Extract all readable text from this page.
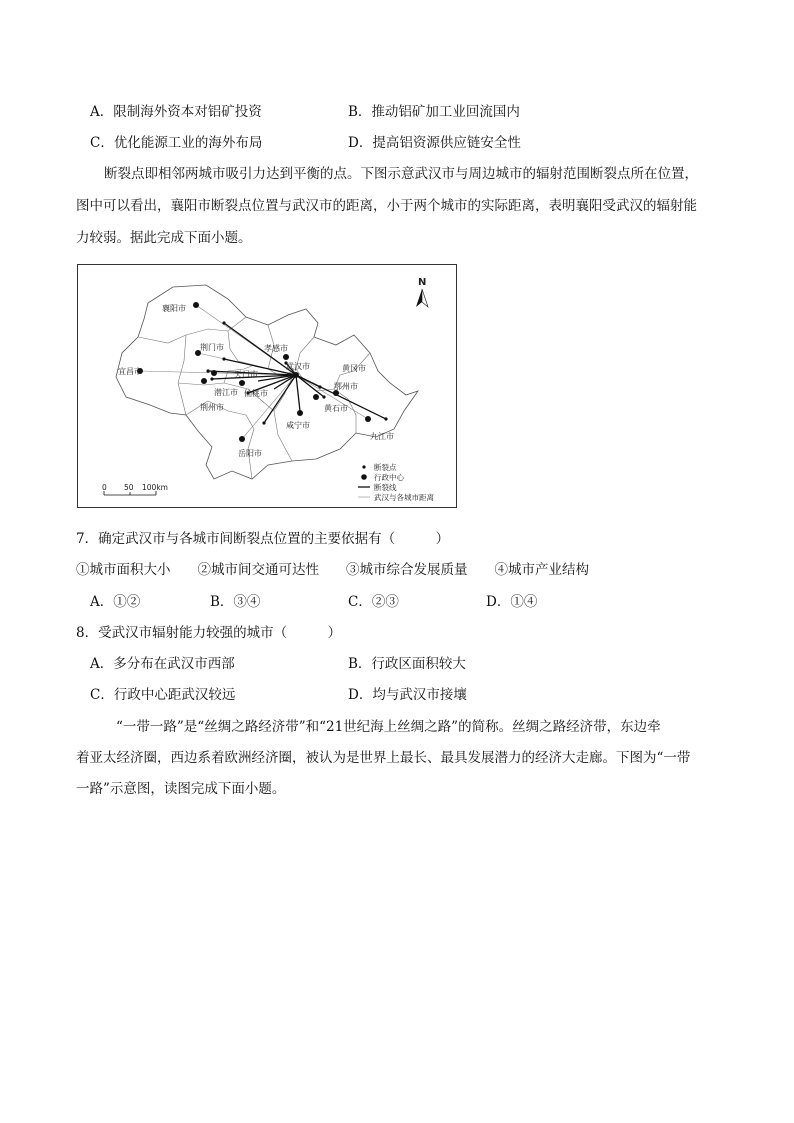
A．限制海外资本对铝矿投资	B．推动铝矿加工业回流国内
C．优化能源工业的海外布局	D．提高铝资源供应链安全性
断裂点即相邻两城市吸引力达到平衡的点。下图示意武汉市与周边城市的辐射范围断裂点所在位置，
图中可以看出，襄阳市断裂点位置与武汉市的距离，小于两个城市的实际距离，表明襄阳受武汉的辐射能
力较弱。据此完成下面小题。
襄阳市
荆门市	孝感市
宜昌市	天门市
武汉市	黄冈市
潜江市 仙桃市
鄂州市
荆州市	黄石市
咸宁市
九江市
岳阳市
N
0 50 100km
断裂点
行政中心
断裂线
武汉与各城市距离
7．确定武汉市与各城市间断裂点位置的主要依据有（　　　）
①城市面积大小　　②城市间交通可达性　　③城市综合发展质量　　④城市产业结构
A．①②	B．③④	C．②③	D．①④
8．受武汉市辐射能力较强的城市（　　　）
A．多分布在武汉市西部	B．行政区面积较大
C．行政中心距武汉较远	D．均与武汉市接壤
“一带一路”是“丝绸之路经济带”和“21世纪海上丝绸之路”的简称。丝绸之路经济带，东边牵
着亚太经济圈，西边系着欧洲经济圈，被认为是世界上最长、最具发展潜力的经济大走廊。下图为“一带
一路”示意图，读图完成下面小题。
